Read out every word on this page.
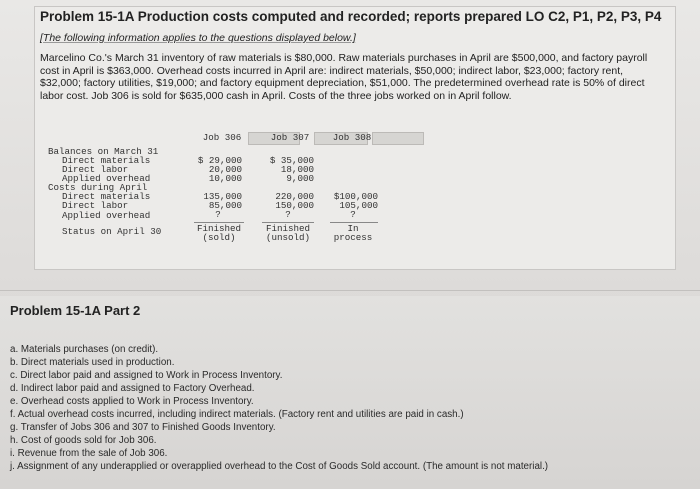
Problem 15-1A Production costs computed and recorded; reports prepared LO C2, P1, P2, P3, P4
[The following information applies to the questions displayed below.]
Marcelino Co.'s March 31 inventory of raw materials is $80,000. Raw materials purchases in April are $500,000, and factory payroll cost in April is $363,000. Overhead costs incurred in April are: indirect materials, $50,000; indirect labor, $23,000; factory rent, $32,000; factory utilities, $19,000; and factory equipment depreciation, $51,000. The predetermined overhead rate is 50% of direct labor cost. Job 306 is sold for $635,000 cash in April. Costs of the three jobs worked on in April follow.
Job 306	Job 307	Job 308
Balances on March 31
Direct materials
Direct labor
Applied overhead
Costs during April
Direct materials
Direct labor
Applied overhead
Status on April 30
$ 29,000
20,000
10,000
135,000
85,000
?
Finished
(sold)
$ 35,000
18,000
9,000
220,000
150,000
?
Finished
(unsold)
$100,000
105,000
?
In
process
Problem 15-1A Part 2
a. Materials purchases (on credit).
b. Direct materials used in production.
c. Direct labor paid and assigned to Work in Process Inventory.
d. Indirect labor paid and assigned to Factory Overhead.
e. Overhead costs applied to Work in Process Inventory.
f. Actual overhead costs incurred, including indirect materials. (Factory rent and utilities are paid in cash.)
g. Transfer of Jobs 306 and 307 to Finished Goods Inventory.
h. Cost of goods sold for Job 306.
i. Revenue from the sale of Job 306.
j. Assignment of any underapplied or overapplied overhead to the Cost of Goods Sold account. (The amount is not material.)
